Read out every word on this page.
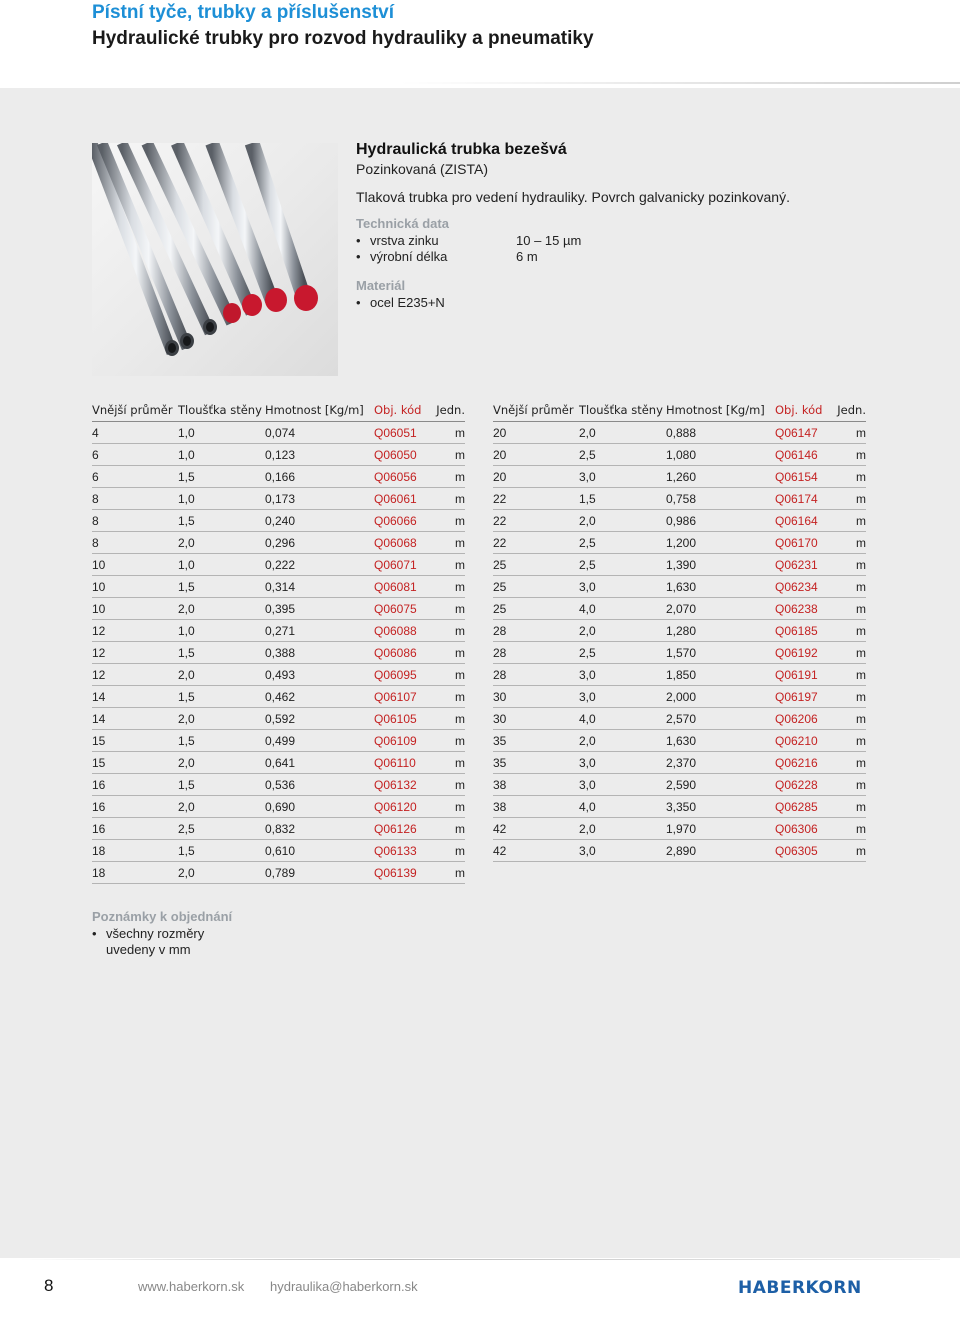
Pístní tyče, trubky a příslušenství
Hydraulické trubky pro rozvod hydrauliky a pneumatiky
Hydraulická trubka bezešvá
Pozinkovaná (ZISTA)
Tlaková trubka pro vedení hydrauliky. Povrch galvanicky pozinkovaný.
Technická data
• vrstva zinku	10 – 15 µm
• výrobní délka	6 m
Materiál
• ocel E235+N
Vnější průměr	Tloušťka stěny	Hmotnost [Kg/m]	Obj. kód	Jedn.
4	1,0	0,074	Q06051	m
6	1,0	0,123	Q06050	m
6	1,5	0,166	Q06056	m
8	1,0	0,173	Q06061	m
8	1,5	0,240	Q06066	m
8	2,0	0,296	Q06068	m
10	1,0	0,222	Q06071	m
10	1,5	0,314	Q06081	m
10	2,0	0,395	Q06075	m
12	1,0	0,271	Q06088	m
12	1,5	0,388	Q06086	m
12	2,0	0,493	Q06095	m
14	1,5	0,462	Q06107	m
14	2,0	0,592	Q06105	m
15	1,5	0,499	Q06109	m
15	2,0	0,641	Q06110	m
16	1,5	0,536	Q06132	m
16	2,0	0,690	Q06120	m
16	2,5	0,832	Q06126	m
18	1,5	0,610	Q06133	m
18	2,0	0,789	Q06139	m
Vnější průměr	Tloušťka stěny	Hmotnost [Kg/m]	Obj. kód	Jedn.
20	2,0	0,888	Q06147	m
20	2,5	1,080	Q06146	m
20	3,0	1,260	Q06154	m
22	1,5	0,758	Q06174	m
22	2,0	0,986	Q06164	m
22	2,5	1,200	Q06170	m
25	2,5	1,390	Q06231	m
25	3,0	1,630	Q06234	m
25	4,0	2,070	Q06238	m
28	2,0	1,280	Q06185	m
28	2,5	1,570	Q06192	m
28	3,0	1,850	Q06191	m
30	3,0	2,000	Q06197	m
30	4,0	2,570	Q06206	m
35	2,0	1,630	Q06210	m
35	3,0	2,370	Q06216	m
38	3,0	2,590	Q06228	m
38	4,0	3,350	Q06285	m
42	2,0	1,970	Q06306	m
42	3,0	2,890	Q06305	m
Poznámky k objednání
• všechny rozměry uvedeny v mm
8	www.haberkorn.sk hydraulika@haberkorn.sk	HABERKORN
